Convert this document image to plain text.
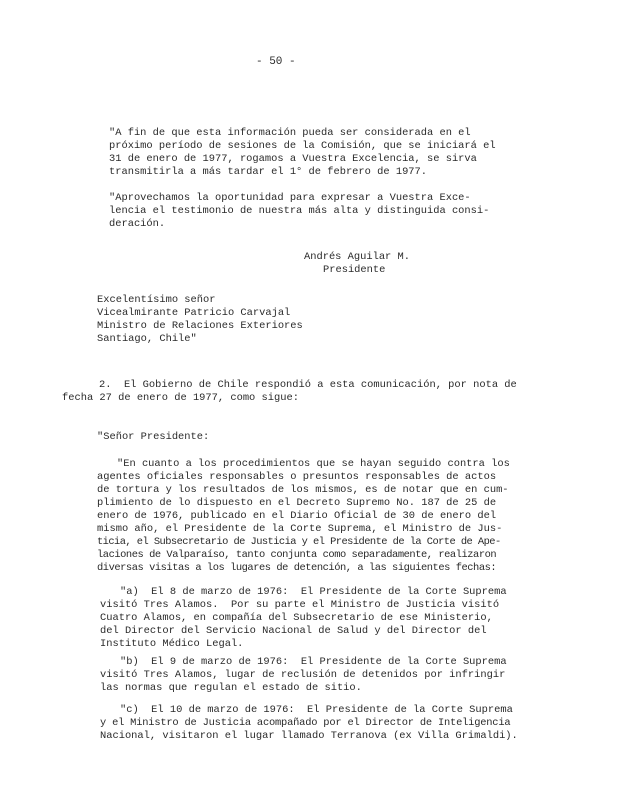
- 50 -
"A fin de que esta información pueda ser considerada en el
próximo período de sesiones de la Comisión, que se iniciará el
31 de enero de 1977, rogamos a Vuestra Excelencia, se sirva
transmitirla a más tardar el 1° de febrero de 1977.
"Aprovechamos la oportunidad para expresar a Vuestra Exce-
lencia el testimonio de nuestra más alta y distinguida consi-
deración.
Andrés Aguilar M.
Presidente
Excelentísimo señor
Vicealmirante Patricio Carvajal
Ministro de Relaciones Exteriores
Santiago, Chile"
2.  El Gobierno de Chile respondió a esta comunicación, por nota de
fecha 27 de enero de 1977, como sigue:
"Señor Presidente:
"En cuanto a los procedimientos que se hayan seguido contra los
agentes oficiales responsables o presuntos responsables de actos
de tortura y los resultados de los mismos, es de notar que en cum-
plimiento de lo dispuesto en el Decreto Supremo No. 187 de 25 de
enero de 1976, publicado en el Diario Oficial de 30 de enero del
mismo año, el Presidente de la Corte Suprema, el Ministro de Jus-
ticia, el Subsecretario de Justicia y el Presidente de la Corte de Ape-
laciones de Valparaíso, tanto conjunta como separadamente, realizaron
diversas visitas a los lugares de detención, a las siguientes fechas:
"a)  El 8 de marzo de 1976:  El Presidente de la Corte Suprema
visitó Tres Alamos.  Por su parte el Ministro de Justicia visitó
Cuatro Alamos, en compañía del Subsecretario de ese Ministerio,
del Director del Servicio Nacional de Salud y del Director del
Instituto Médico Legal.
"b)  El 9 de marzo de 1976:  El Presidente de la Corte Suprema
visitó Tres Alamos, lugar de reclusión de detenidos por infringir
las normas que regulan el estado de sitio.
"c)  El 10 de marzo de 1976:  El Presidente de la Corte Suprema
y el Ministro de Justicia acompañado por el Director de Inteligencia
Nacional, visitaron el lugar llamado Terranova (ex Villa Grimaldi).
